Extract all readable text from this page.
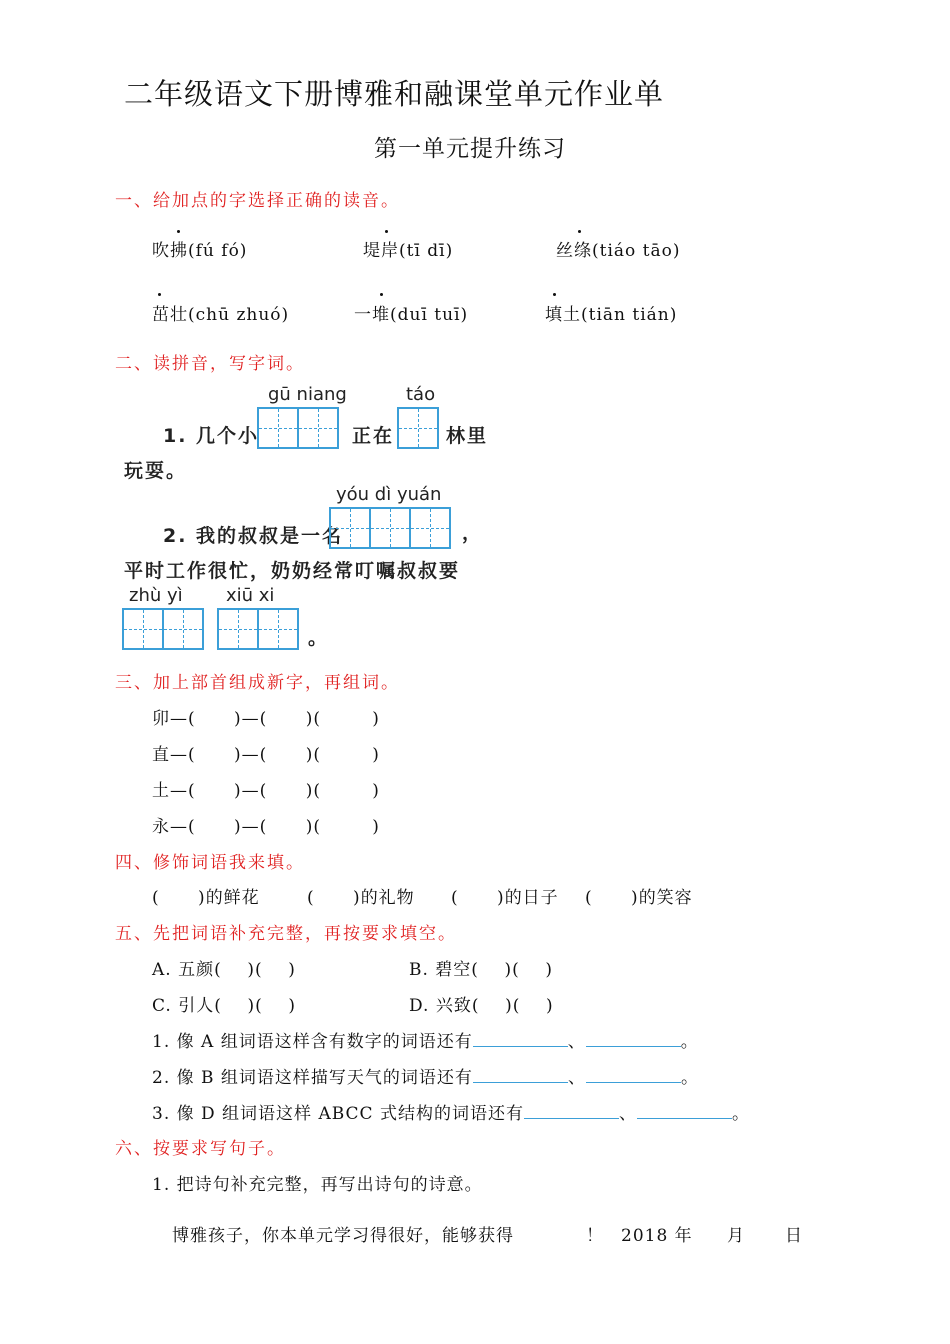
二年级语文下册博雅和融课堂单元作业单
第一单元提升练习
一、给加点的字选择正确的读音。
吹拂(fú fó)	堤岸(tī dī)	丝绦(tiáo tāo)
茁壮(chū zhuó)	一堆(duī tuī)	填土(tiān tián)
二、读拼音，写字词。
gū niang	táo
1. 几个小	正在	林里
玩耍。
yóu dì yuán
2. 我的叔叔是一名	，
平时工作很忙，奶奶经常叮嘱叔叔要
zhù yì xiū xi
。
三、加上部首组成新字，再组词。
卯—(      )—(      )(        )
直—(      )—(      )(        )
土—(      )—(      )(        )
永—(      )—(      )(        )
四、修饰词语我来填。
(      )的鲜花	(      )的礼物 (      )的日子 (      )的笑容
五、先把词语补充完整，再按要求填空。
A. 五颜(    )(    )	B. 碧空(    )(    )
C. 引人(    )(    )	D. 兴致(    )(    )
1. 像 A 组词语这样含有数字的词语还有	、	。
2. 像 B 组词语这样描写天气的词语还有	、	。
3. 像 D 组词语这样 ABCC 式结构的词语还有	、	。
六、按要求写句子。
1. 把诗句补充完整，再写出诗句的诗意。
博雅孩子，你本单元学习得很好，能够获得	！ 2018 年 月 日
